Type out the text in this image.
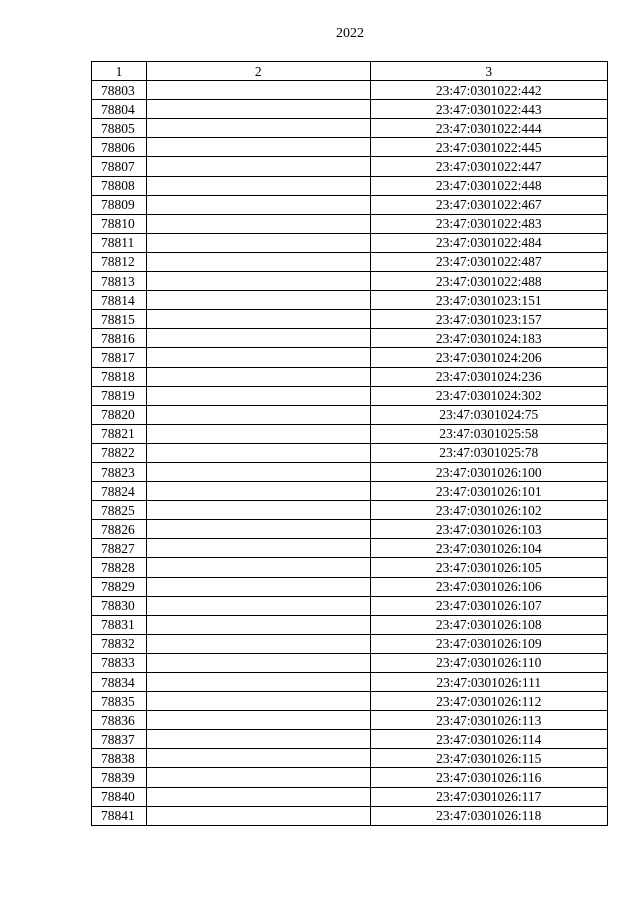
2022
1	2	3
78803		23:47:0301022:442
78804		23:47:0301022:443
78805		23:47:0301022:444
78806		23:47:0301022:445
78807		23:47:0301022:447
78808		23:47:0301022:448
78809		23:47:0301022:467
78810		23:47:0301022:483
78811		23:47:0301022:484
78812		23:47:0301022:487
78813		23:47:0301022:488
78814		23:47:0301023:151
78815		23:47:0301023:157
78816		23:47:0301024:183
78817		23:47:0301024:206
78818		23:47:0301024:236
78819		23:47:0301024:302
78820		23:47:0301024:75
78821		23:47:0301025:58
78822		23:47:0301025:78
78823		23:47:0301026:100
78824		23:47:0301026:101
78825		23:47:0301026:102
78826		23:47:0301026:103
78827		23:47:0301026:104
78828		23:47:0301026:105
78829		23:47:0301026:106
78830		23:47:0301026:107
78831		23:47:0301026:108
78832		23:47:0301026:109
78833		23:47:0301026:110
78834		23:47:0301026:111
78835		23:47:0301026:112
78836		23:47:0301026:113
78837		23:47:0301026:114
78838		23:47:0301026:115
78839		23:47:0301026:116
78840		23:47:0301026:117
78841		23:47:0301026:118
